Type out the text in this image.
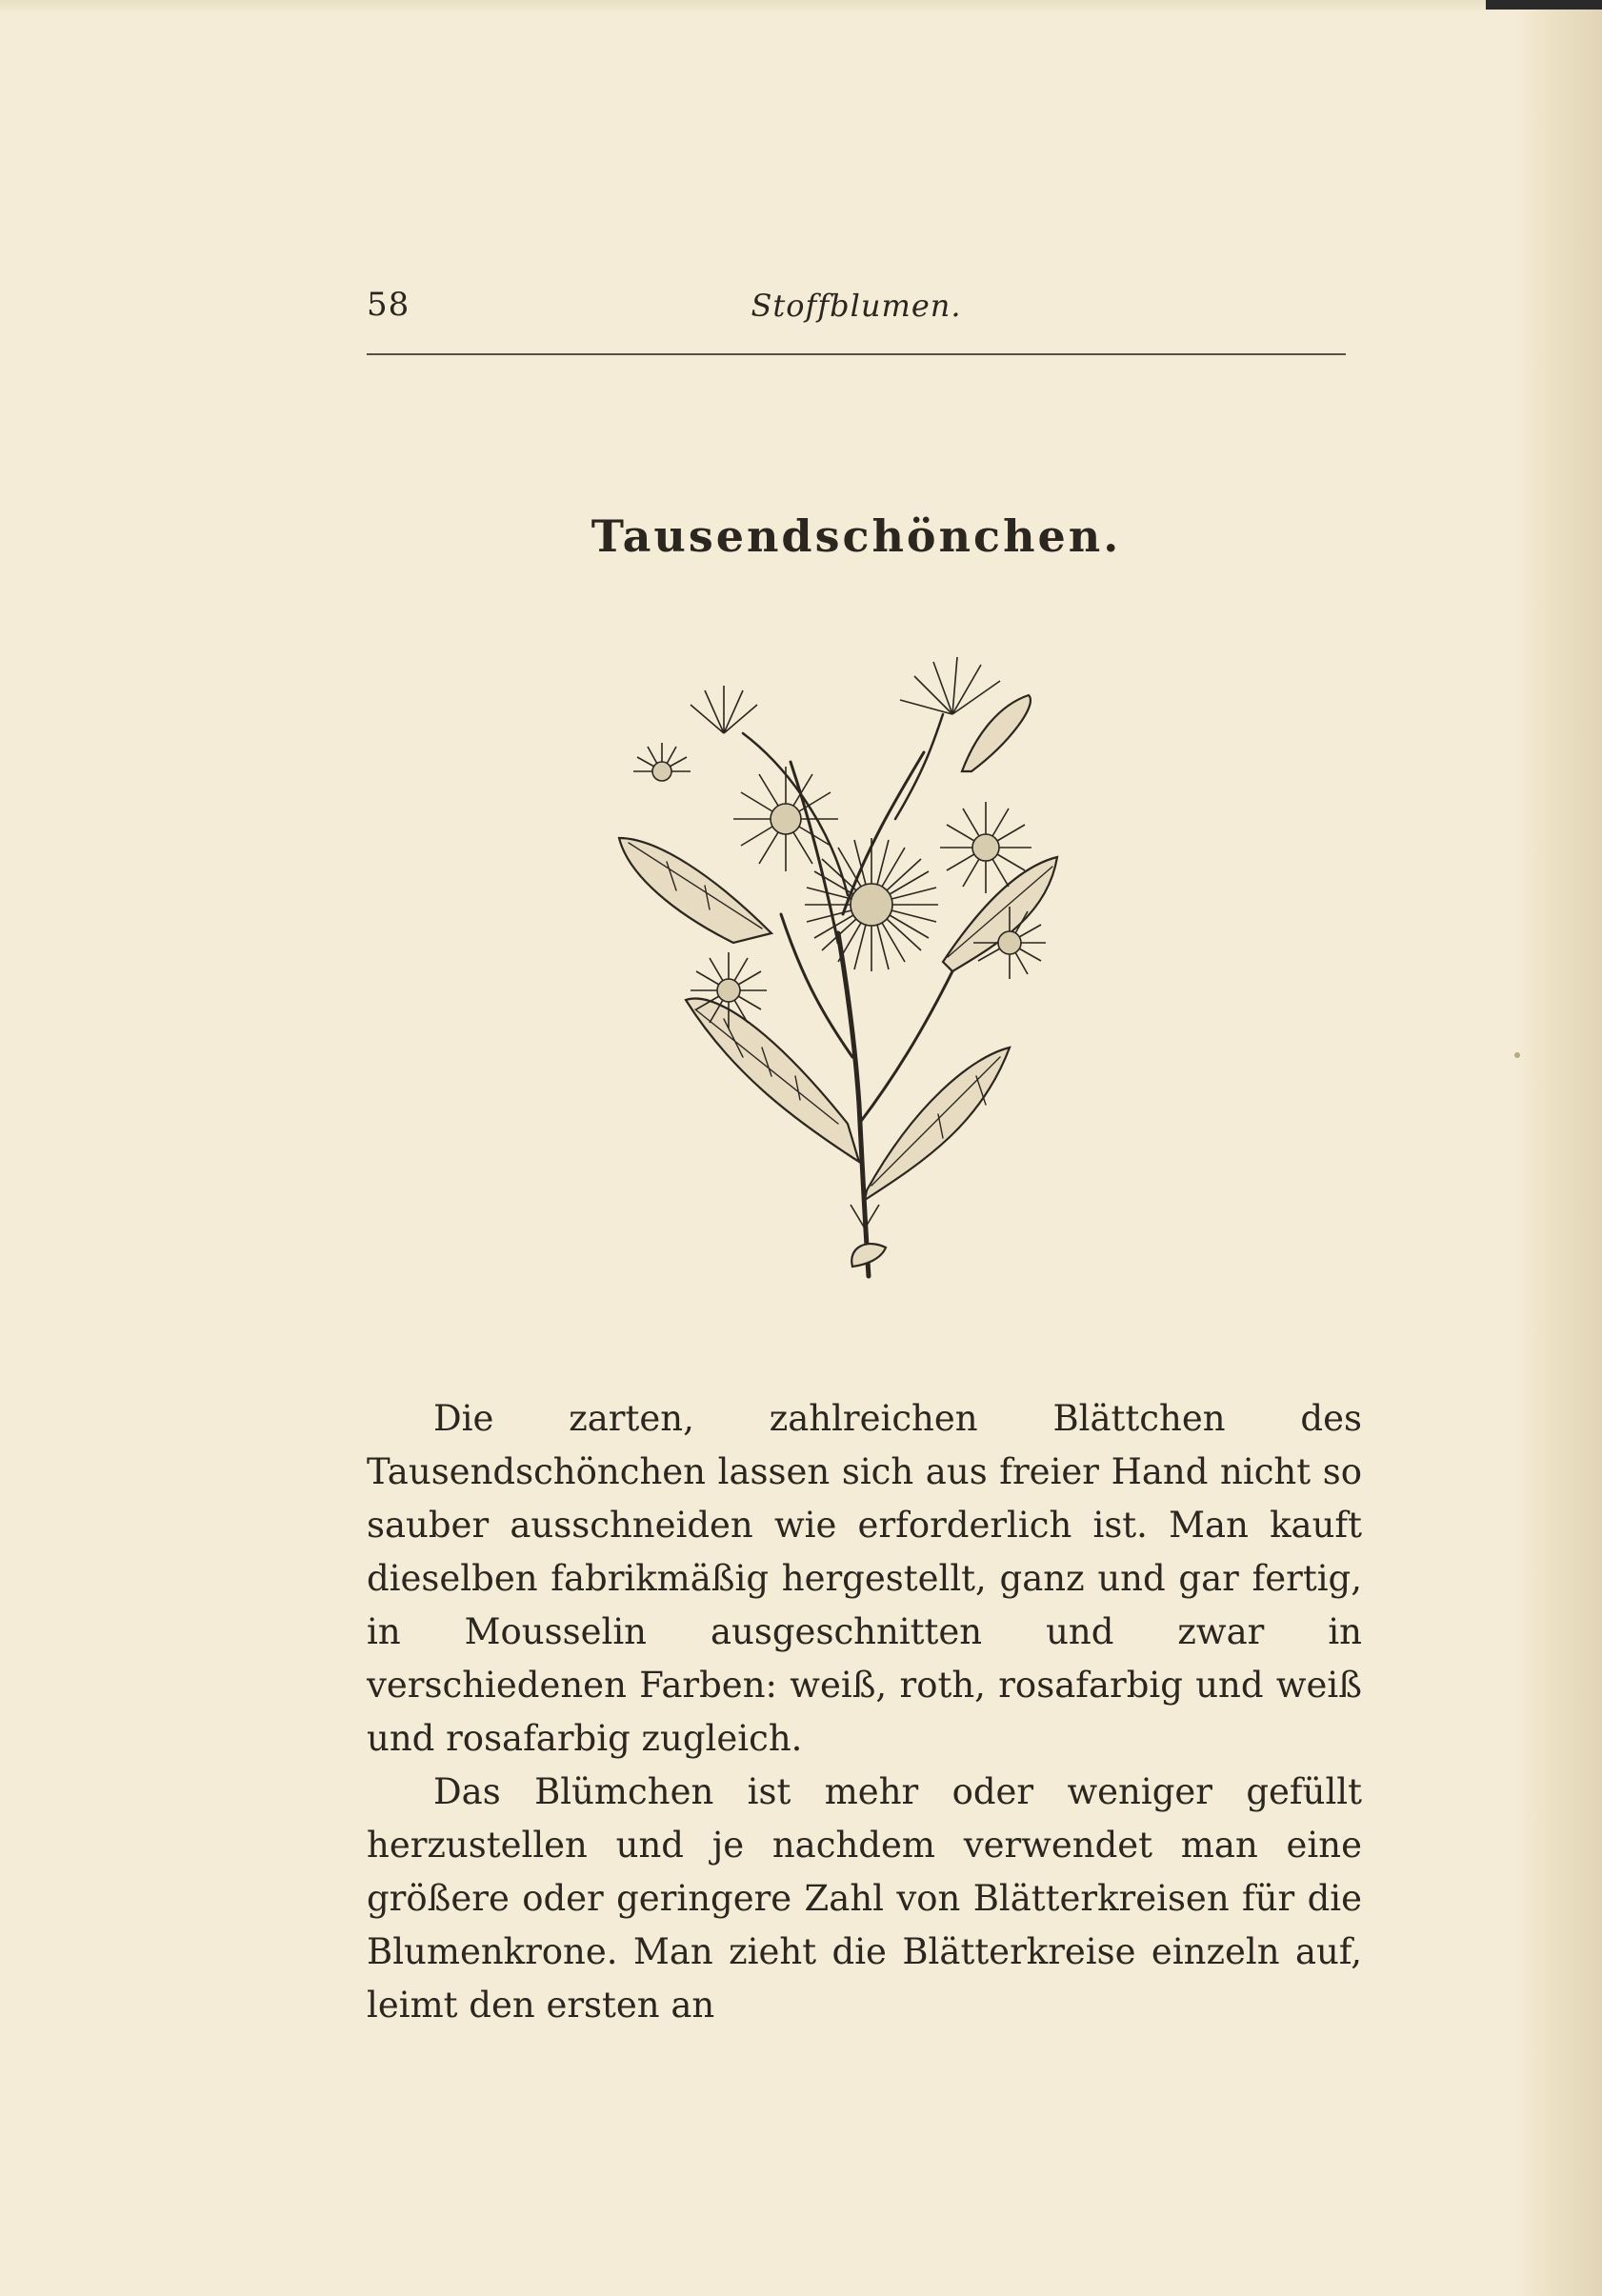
58	Stoffblumen.
Tausendschönchen.

Die zarten, zahlreichen Blättchen des Tausendschönchen lassen sich aus freier Hand nicht so sauber ausschneiden wie erforderlich ist. Man kauft dieselben fabrikmäßig hergestellt, ganz und gar fertig, in Mousselin ausgeschnitten und zwar in verschiedenen Farben: weiß, roth, rosafarbig und weiß und rosafarbig zugleich.

Das Blümchen ist mehr oder weniger gefüllt herzustellen und je nachdem verwendet man eine größere oder geringere Zahl von Blätterkreisen für die Blumenkrone. Man zieht die Blätterkreise einzeln auf, leimt den ersten an
